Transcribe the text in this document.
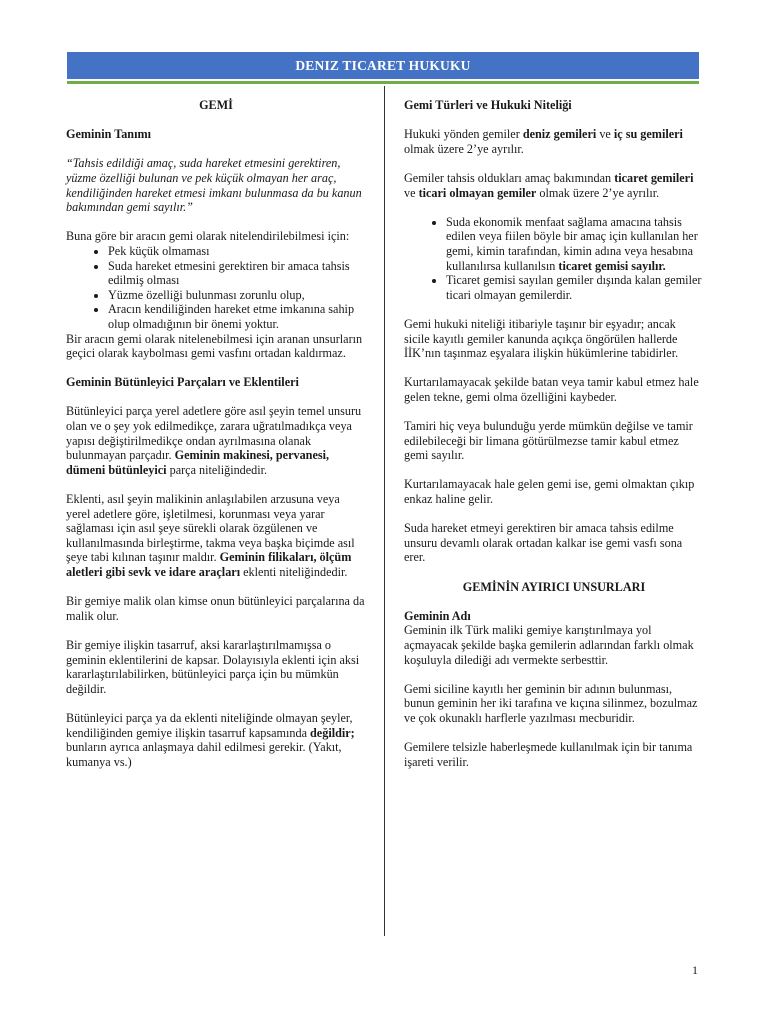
DENIZ TICARET HUKUKU
GEMİ
Geminin Tanımı

“Tahsis edildiği amaç, suda hareket etmesini gerektiren, yüzme özelliği bulunan ve pek küçük olmayan her araç, kendiliğinden hareket etmesi imkanı bulunmasa da bu kanun bakımından gemi sayılır.”

Buna göre bir aracın gemi olarak nitelendirilebilmesi için:
• Pek küçük olmaması
• Suda hareket etmesini gerektiren bir amaca tahsis edilmiş olması
• Yüzme özelliği bulunması zorunlu olup,
• Aracın kendiliğinden hareket etme imkanına sahip olup olmadığının bir önemi yoktur.

Bir aracın gemi olarak nitelenebilmesi için aranan unsurların geçici olarak kaybolması gemi vasfını ortadan kaldırmaz.

Geminin Bütünleyici Parçaları ve Eklentileri

Bütünleyici parça yerel adetlere göre asıl şeyin temel unsuru olan ve o şey yok edilmedikçe, zarara uğratılmadıkça veya yapısı değiştirilmedikçe ondan ayrılmasına olanak bulunmayan parçadır. Geminin makinesi, pervanesi, dümeni bütünleyici parça niteliğindedir.

Eklenti, asıl şeyin malikinin anlaşılabilen arzusuna veya yerel adetlere göre, işletilmesi, korunması veya yarar sağlaması için asıl şeye sürekli olarak özgülenen ve kullanılmasında birleştirme, takma veya başka biçimde asıl şeye tabi kılınan taşınır maldır. Geminin filikaları, ölçüm aletleri gibi sevk ve idare araçları eklenti niteliğindedir.

Bir gemiye malik olan kimse onun bütünleyici parçalarına da malik olur.

Bir gemiye ilişkin tasarruf, aksi kararlaştırılmamışsa o geminin eklentilerini de kapsar. Dolayısıyla eklenti için aksi kararlaştırılabilirken, bütünleyici parça için bu mümkün değildir.

Bütünleyici parça ya da eklenti niteliğinde olmayan şeyler, kendiliğinden gemiye ilişkin tasarruf kapsamında değildir; bunların ayrıca anlaşmaya dahil edilmesi gerekir. (Yakıt, kumanya vs.)

Gemi Türleri ve Hukuki Niteliği

Hukuki yönden gemiler deniz gemileri ve iç su gemileri olmak üzere 2’ye ayrılır.

Gemiler tahsis oldukları amaç bakımından ticaret gemileri ve ticari olmayan gemiler olmak üzere 2’ye ayrılır.

• Suda ekonomik menfaat sağlama amacına tahsis edilen veya fiilen böyle bir amaç için kullanılan her gemi, kimin tarafından, kimin adına veya hesabına kullanılırsa kullanılsın ticaret gemisi sayılır.
• Ticaret gemisi sayılan gemiler dışında kalan gemiler ticari olmayan gemilerdir.

Gemi hukuki niteliği itibariyle taşınır bir eşyadır; ancak sicile kayıtlı gemiler kanunda açıkça öngörülen hallerde İİK’nın taşınmaz eşyalara ilişkin hükümlerine tabidirler.

Kurtarılamayacak şekilde batan veya tamir kabul etmez hale gelen tekne, gemi olma özelliğini kaybeder.

Tamiri hiç veya bulunduğu yerde mümkün değilse ve tamir edilebileceği bir limana götürülmezse tamir kabul etmez gemi sayılır.

Kurtarılamayacak hale gelen gemi ise, gemi olmaktan çıkıp enkaz haline gelir.

Suda hareket etmeyi gerektiren bir amaca tahsis edilme unsuru devamlı olarak ortadan kalkar ise gemi vasfı sona erer.

GEMİNİN AYIRICI UNSURLARI
Geminin Adı

Geminin ilk Türk maliki gemiye karıştırılmaya yol açmayacak şekilde başka gemilerin adlarından farklı olmak koşuluyla dilediği adı vermekte serbesttir.

Gemi siciline kayıtlı her geminin bir adının bulunması, bunun geminin her iki tarafına ve kıçına silinmez, bozulmaz ve çok okunaklı harflerle yazılması mecburidir.

Gemilere telsizle haberleşmede kullanılmak için bir tanıma işareti verilir.

1
